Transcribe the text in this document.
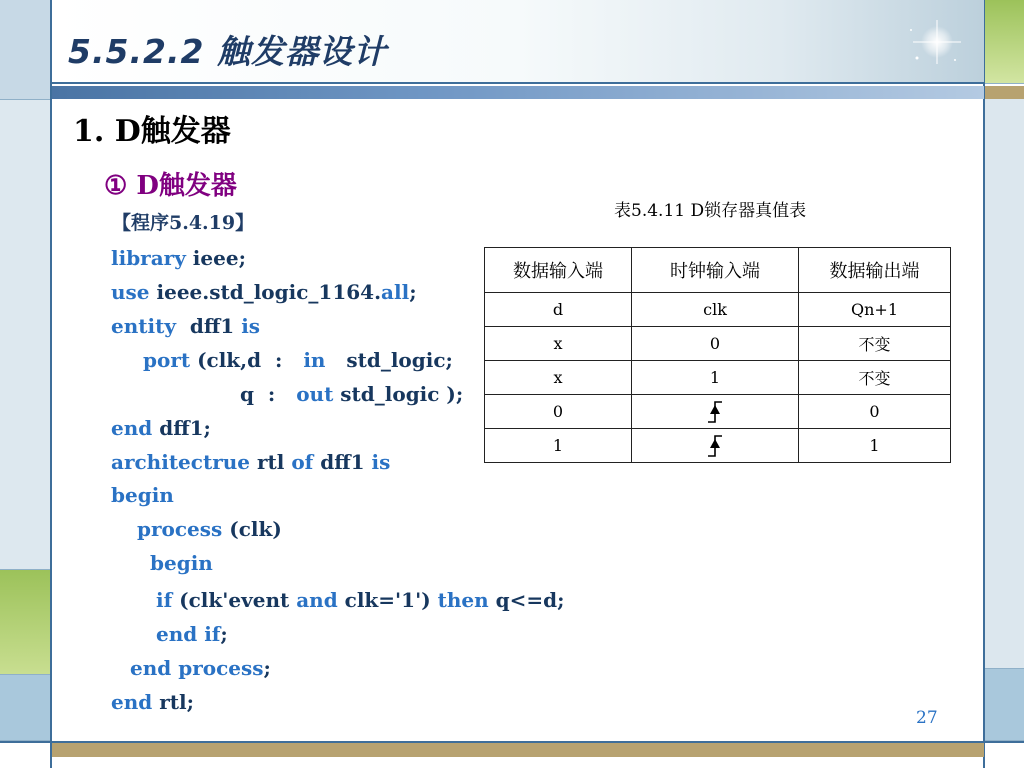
5.5.2.2 触发器设计
1. D触发器
① D触发器
【程序5.4.19】
library ieee;
use ieee.std_logic_1164.all;
entity  dff1 is
port (clk,d  :   in   std_logic;
q  :   out std_logic );
end dff1;
architectrue rtl of dff1 is
begin
process (clk)
begin
if (clk'event and clk='1') then q<=d;
end if;
end process;
end rtl;
表5.4.11 D锁存器真值表
数据输入端	时钟输入端	数据输出端
d	clk	Qn+1
x	0	不变
x	1	不变
0		0
1		1
27
